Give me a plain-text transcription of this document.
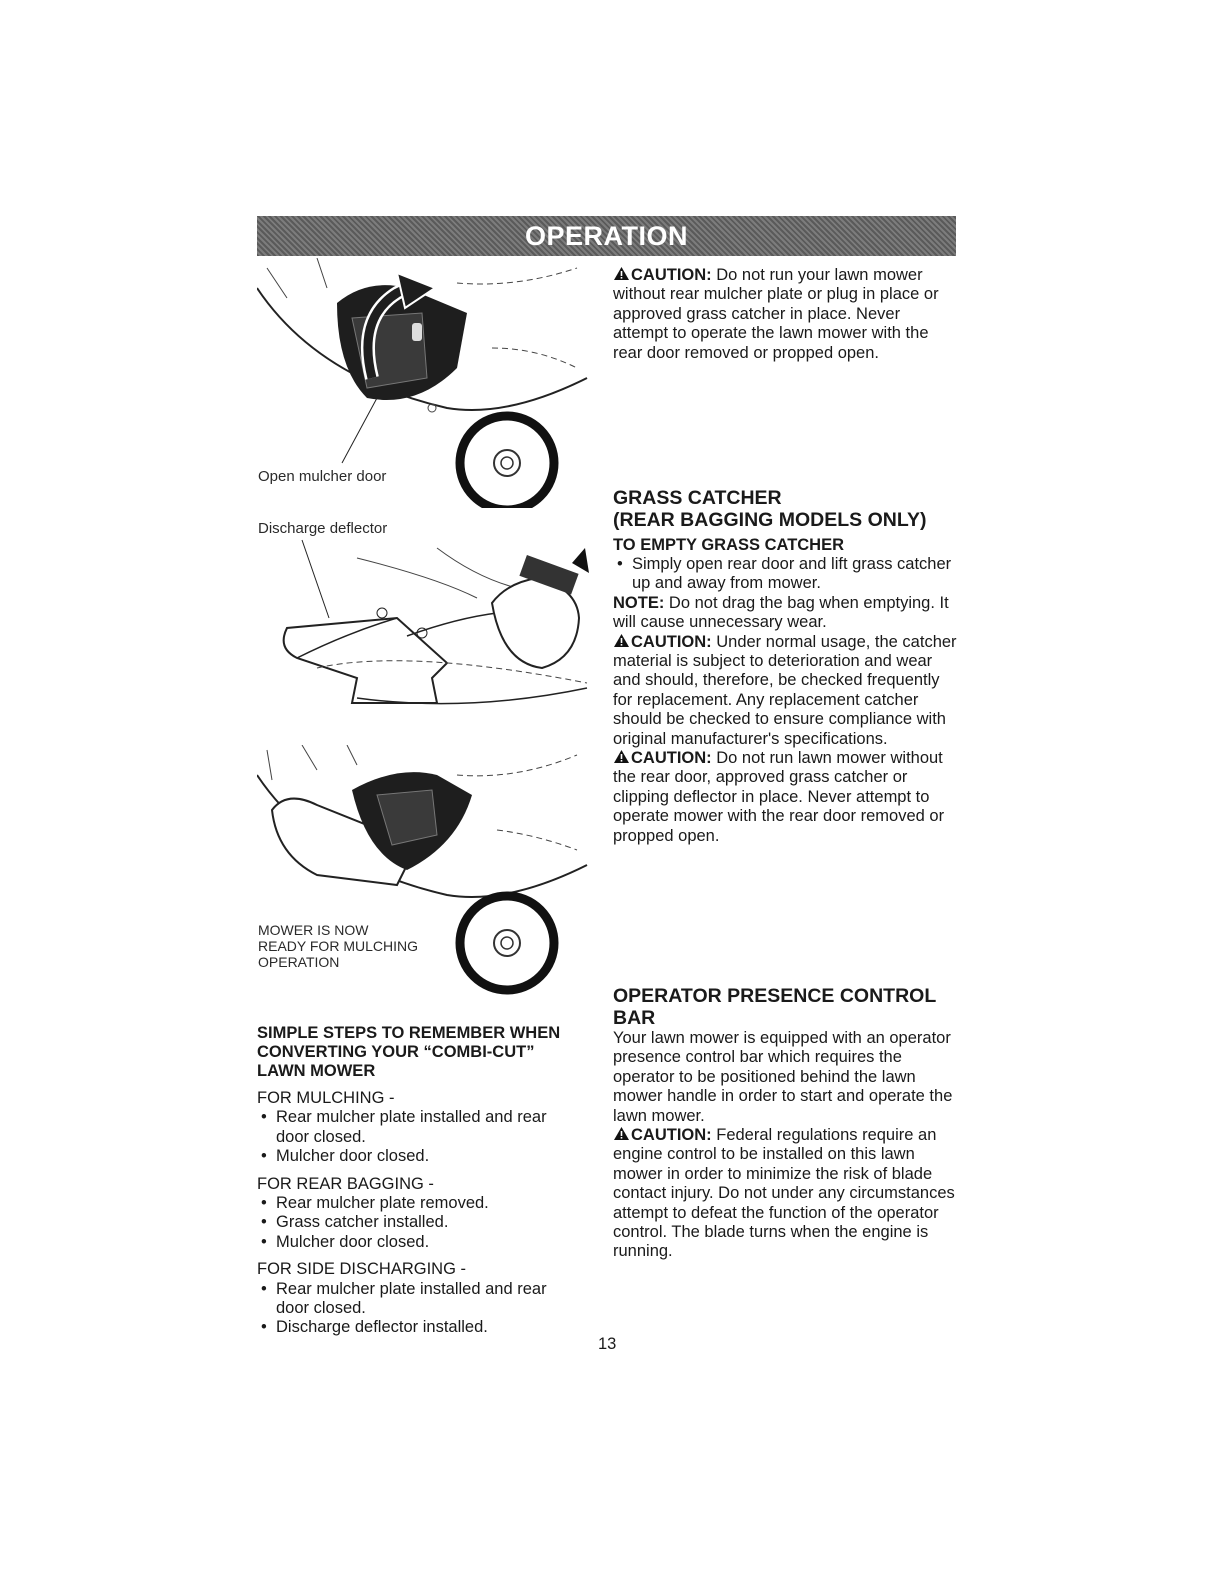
OPERATION
Open mulcher door
Discharge deflector
MOWER IS NOW
READY FOR MULCHING
OPERATION

CAUTION: Do not run your lawn mower without rear mulcher plate or plug in place or approved grass catcher in place. Never attempt to operate the lawn mower with the rear door removed or propped open.

GRASS CATCHER

(REAR BAGGING MODELS ONLY)

TO EMPTY GRASS CATCHER

• Simply open rear door and lift grass catcher up and away from mower.

NOTE: Do not drag the bag when emptying. It will cause unnecessary wear.

CAUTION: Under normal usage, the catcher material is subject to deterioration and wear and should, therefore, be checked frequently for replacement. Any replacement catcher should be checked to ensure compliance with original manufacturer's specifications.

CAUTION: Do not run lawn mower without the rear door, approved grass catcher or clipping deflector in place. Never attempt to operate mower with the rear door removed or propped open.

OPERATOR PRESENCE CONTROL BAR

Your lawn mower is equipped with an operator presence control bar which requires the operator to be positioned behind the lawn mower handle in order to start and operate the lawn mower.

CAUTION: Federal regulations require an engine control to be installed on this lawn mower in order to minimize the risk of blade contact injury. Do not under any circumstances attempt to defeat the function of the operator control. The blade turns when the engine is running.

SIMPLE STEPS TO REMEMBER WHEN CONVERTING YOUR “COMBI-CUT” LAWN MOWER

FOR MULCHING -

• Rear mulcher plate installed and rear door closed.

• Mulcher door closed.

FOR REAR BAGGING -

• Rear mulcher plate removed.

• Grass catcher installed.

• Mulcher door closed.

FOR SIDE DISCHARGING -

• Rear mulcher plate installed and rear door closed.

• Discharge deflector installed.

13
